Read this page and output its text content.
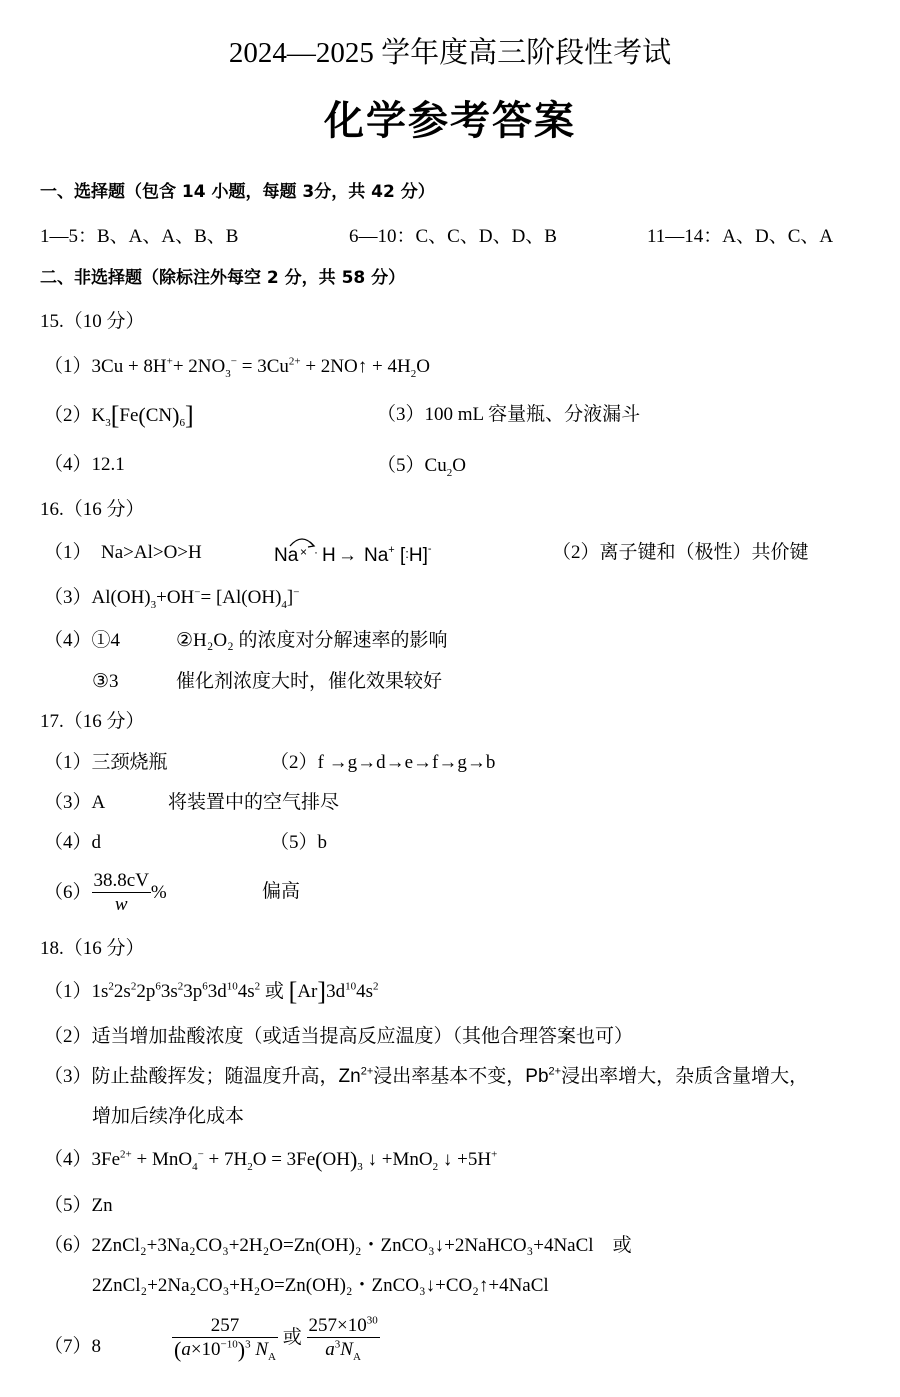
2024—2025 学年度高三阶段性考试
化学参考答案
一、选择题（包含 14 小题，每题 3分，共 42 分）
1—5：B、A、A、B、B	6—10：C、C、D、D、B	11—14：A、D、C、A
二、非选择题（除标注外每空 2 分，共 58 分）
15.（10 分）
$(1)3Cu + 8H^++ 2NO_3^- = 3Cu^{2+}$ + 2NO↑ + $4H_2O$
$(2)K_3[Fe(CN)_6]$	（3）100 mL 容量瓶、分液漏斗
（4）12.1	$(5)Cu_2O$
16.（16 分）
（1）　Na>Al>O>H	Na × · H → Na+ [:H]-	（2）离子键和（极性）共价键
$(3)Al(OH)_3+OH^-= [Al(OH)_4]^-$
（4）①4	②H₂O₂ 的浓度对分解速率的影响
③3	催化剂浓度大时，催化效果较好
17.（16 分）
（1）三颈烧瓶	（2）f →g→d→e→f→g→b
（3）A	将装置中的空气排尽
（4）d	（5）b
$(6) \frac{38.8cV}{w}$ %	偏高
18.（16 分）
$(1)1s^22s^22p^63s^23p^63d^{10}4s^2$ 或 $[Ar]3d^{10}4s^2$
（2）适当增加盐酸浓度（或适当提高反应温度）（其他合理答案也可）
（3）防止盐酸挥发；随温度升高，$Zn^{2+}$浸出率基本不变，$Pb^{2+}$浸出率增大，杂质含量增大，
增加后续净化成本
$(4)3Fe^{2+} + MnO_4^- + 7H_2O = 3Fe(OH)_3$ ↓ +MnO$_2$ ↓ +5H+
（5）Zn
（6）2ZnCl₂+3Na₂CO₃+2H₂O=Zn(OH)₂・ZnCO₃↓+2NaHCO₃+4NaCl　或
2ZnCl₂+2Na₂CO₃+H₂O=Zn(OH)₂・ZnCO₃↓+CO₂↑+4NaCl
（7）8	$\frac{257}{(a\times 10^{-10})^3 N_A}$ 或 $\frac{257\times 10^{30}}{a^3N_A}$
